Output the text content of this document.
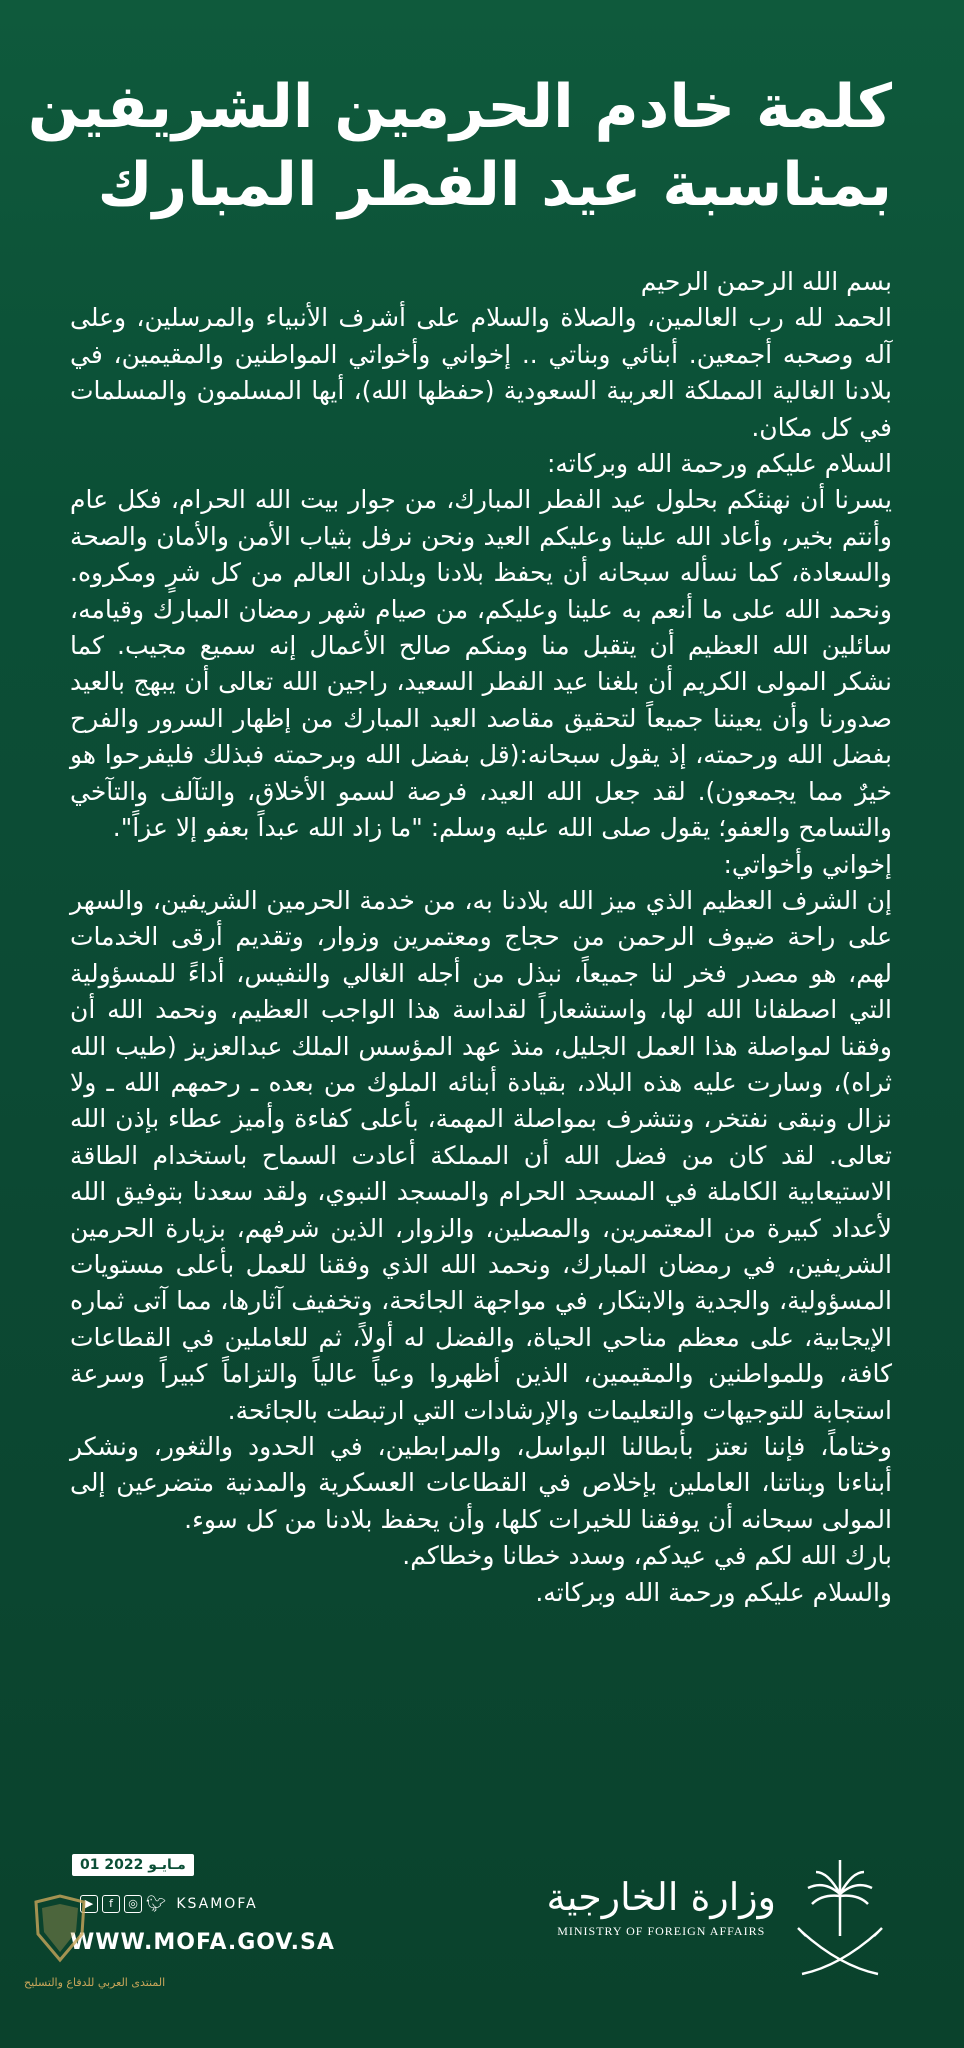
كلمة خادم الحرمين الشريفين
بمناسبة عيد الفطر المبارك

بسم الله الرحمن الرحيم

الحمد لله رب العالمين، والصلاة والسلام على أشرف الأنبياء والمرسلين، وعلى آله وصحبه أجمعين. أبنائي وبناتي .. إخواني وأخواتي المواطنين والمقيمين، في بلادنا الغالية المملكة العربية السعودية (حفظها الله)، أيها المسلمون والمسلمات في كل مكان.

السلام عليكم ورحمة الله وبركاته:

يسرنا أن نهنئكم بحلول عيد الفطر المبارك، من جوار بيت الله الحرام، فكل عام وأنتم بخير، وأعاد الله علينا وعليكم العيد ونحن نرفل بثياب الأمن والأمان والصحة والسعادة، كما نسأله سبحانه أن يحفظ بلادنا وبلدان العالم من كل شرٍ ومكروه. ونحمد الله على ما أنعم به علينا وعليكم، من صيام شهر رمضان المبارك وقيامه، سائلين الله العظيم أن يتقبل منا ومنكم صالح الأعمال إنه سميع مجيب. كما نشكر المولى الكريم أن بلغنا عيد الفطر السعيد، راجين الله تعالى أن يبهج بالعيد صدورنا وأن يعيننا جميعاً لتحقيق مقاصد العيد المبارك من إظهار السرور والفرح بفضل الله ورحمته، إذ يقول سبحانه:(قل بفضل الله وبرحمته فبذلك فليفرحوا هو خيرٌ مما يجمعون). لقد جعل الله العيد، فرصة لسمو الأخلاق، والتآلف والتآخي والتسامح والعفو؛ يقول صلى الله عليه وسلم: "ما زاد الله عبداً بعفو إلا عزاً".

إخواني وأخواتي:

إن الشرف العظيم الذي ميز الله بلادنا به، من خدمة الحرمين الشريفين، والسهر على راحة ضيوف الرحمن من حجاج ومعتمرين وزوار، وتقديم أرقى الخدمات لهم، هو مصدر فخر لنا جميعاً، نبذل من أجله الغالي والنفيس، أداءً للمسؤولية التي اصطفانا الله لها، واستشعاراً لقداسة هذا الواجب العظيم، ونحمد الله أن وفقنا لمواصلة هذا العمل الجليل، منذ عهد المؤسس الملك عبدالعزيز (طيب الله ثراه)، وسارت عليه هذه البلاد، بقيادة أبنائه الملوك من بعده ـ رحمهم الله ـ ولا نزال ونبقى نفتخر، ونتشرف بمواصلة المهمة، بأعلى كفاءة وأميز عطاء بإذن الله تعالى. لقد كان من فضل الله أن المملكة أعادت السماح باستخدام الطاقة الاستيعابية الكاملة في المسجد الحرام والمسجد النبوي، ولقد سعدنا بتوفيق الله لأعداد كبيرة من المعتمرين، والمصلين، والزوار، الذين شرفهم، بزيارة الحرمين الشريفين، في رمضان المبارك، ونحمد الله الذي وفقنا للعمل بأعلى مستويات المسؤولية، والجدية والابتكار، في مواجهة الجائحة، وتخفيف آثارها، مما آتى ثماره الإيجابية، على معظم مناحي الحياة، والفضل له أولاً، ثم للعاملين في القطاعات كافة، وللمواطنين والمقيمين، الذين أظهروا وعياً عالياً والتزاماً كبيراً وسرعة استجابة للتوجيهات والتعليمات والإرشادات التي ارتبطت بالجائحة.

وختاماً، فإننا نعتز بأبطالنا البواسل، والمرابطين، في الحدود والثغور، ونشكر أبناءنا وبناتنا، العاملين بإخلاص في القطاعات العسكرية والمدنية متضرعين إلى المولى سبحانه أن يوفقنا للخيرات كلها، وأن يحفظ بلادنا من كل سوء.

بارك الله لكم في عيدكم، وسدد خطانا وخطاكم.

والسلام عليكم ورحمة الله وبركاته.

01 مـايـو 2022
▶	f	◎ 🐦︎ KSAMOFA
WWW.MOFA.GOV.SA
المنتدى العربي للدفاع والتسليح
وزارة الخارجية
MINISTRY OF FOREIGN AFFAIRS
